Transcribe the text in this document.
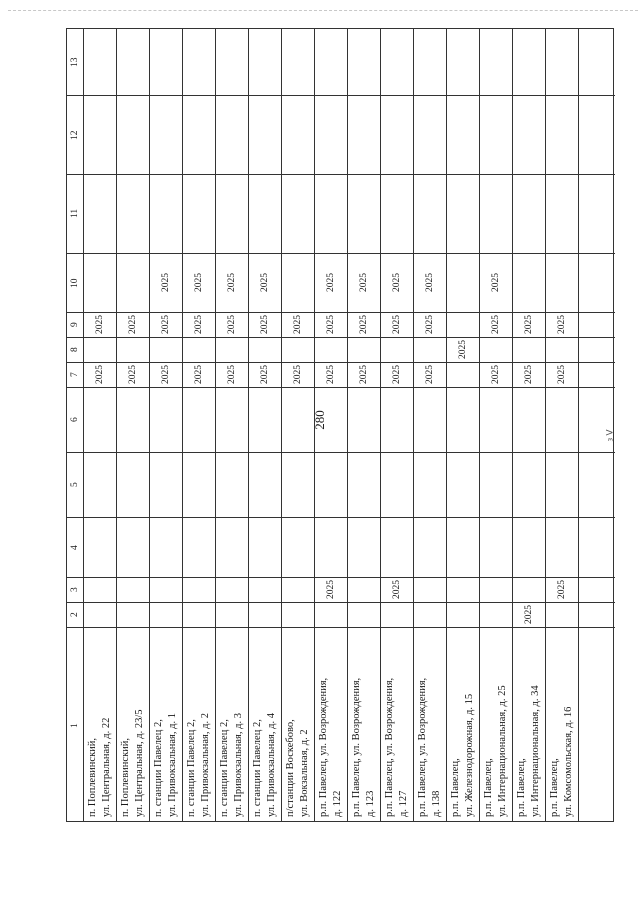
280
з ᐯ
1
2
3
4
5
6
7
8
9
10
11
12
13
п. Поплевинский, ул. Центральная, д. 22
2025
2025
п. Поплевинский, ул. Центральная, д. 23/5
2025
2025
п. станции Павелец 2, ул. Привокзальная, д. 1
2025
2025
2025
п. станции Павелец 2, ул. Привокзальная, д. 2
2025
2025
2025
п. станции Павелец 2, ул. Привокзальная, д. 3
2025
2025
2025
п. станции Павелец 2, ул. Привокзальная, д. 4
2025
2025
2025
п/станции Воскебово, ул. Вокзальная, д. 2
2025
2025
р.п. Павелец, ул. Возрождения, д. 122
2025
2025
2025
2025
р.п. Павелец, ул. Возрождения, д. 123
2025
2025
2025
р.п. Павелец, ул. Возрождения, д. 127
2025
2025
2025
2025
р.п. Павелец, ул. Возрождения, д. 138
2025
2025
2025
р.п. Павелец, ул. Железнодорожная, д. 15
2025
р.п. Павелец, ул. Интернациональная, д. 25
2025
2025
2025
р.п. Павелец, ул. Интернациональная, д. 34
2025
2025
2025
р.п. Павелец, ул. Комсомольская, д. 16
2025
2025
2025
